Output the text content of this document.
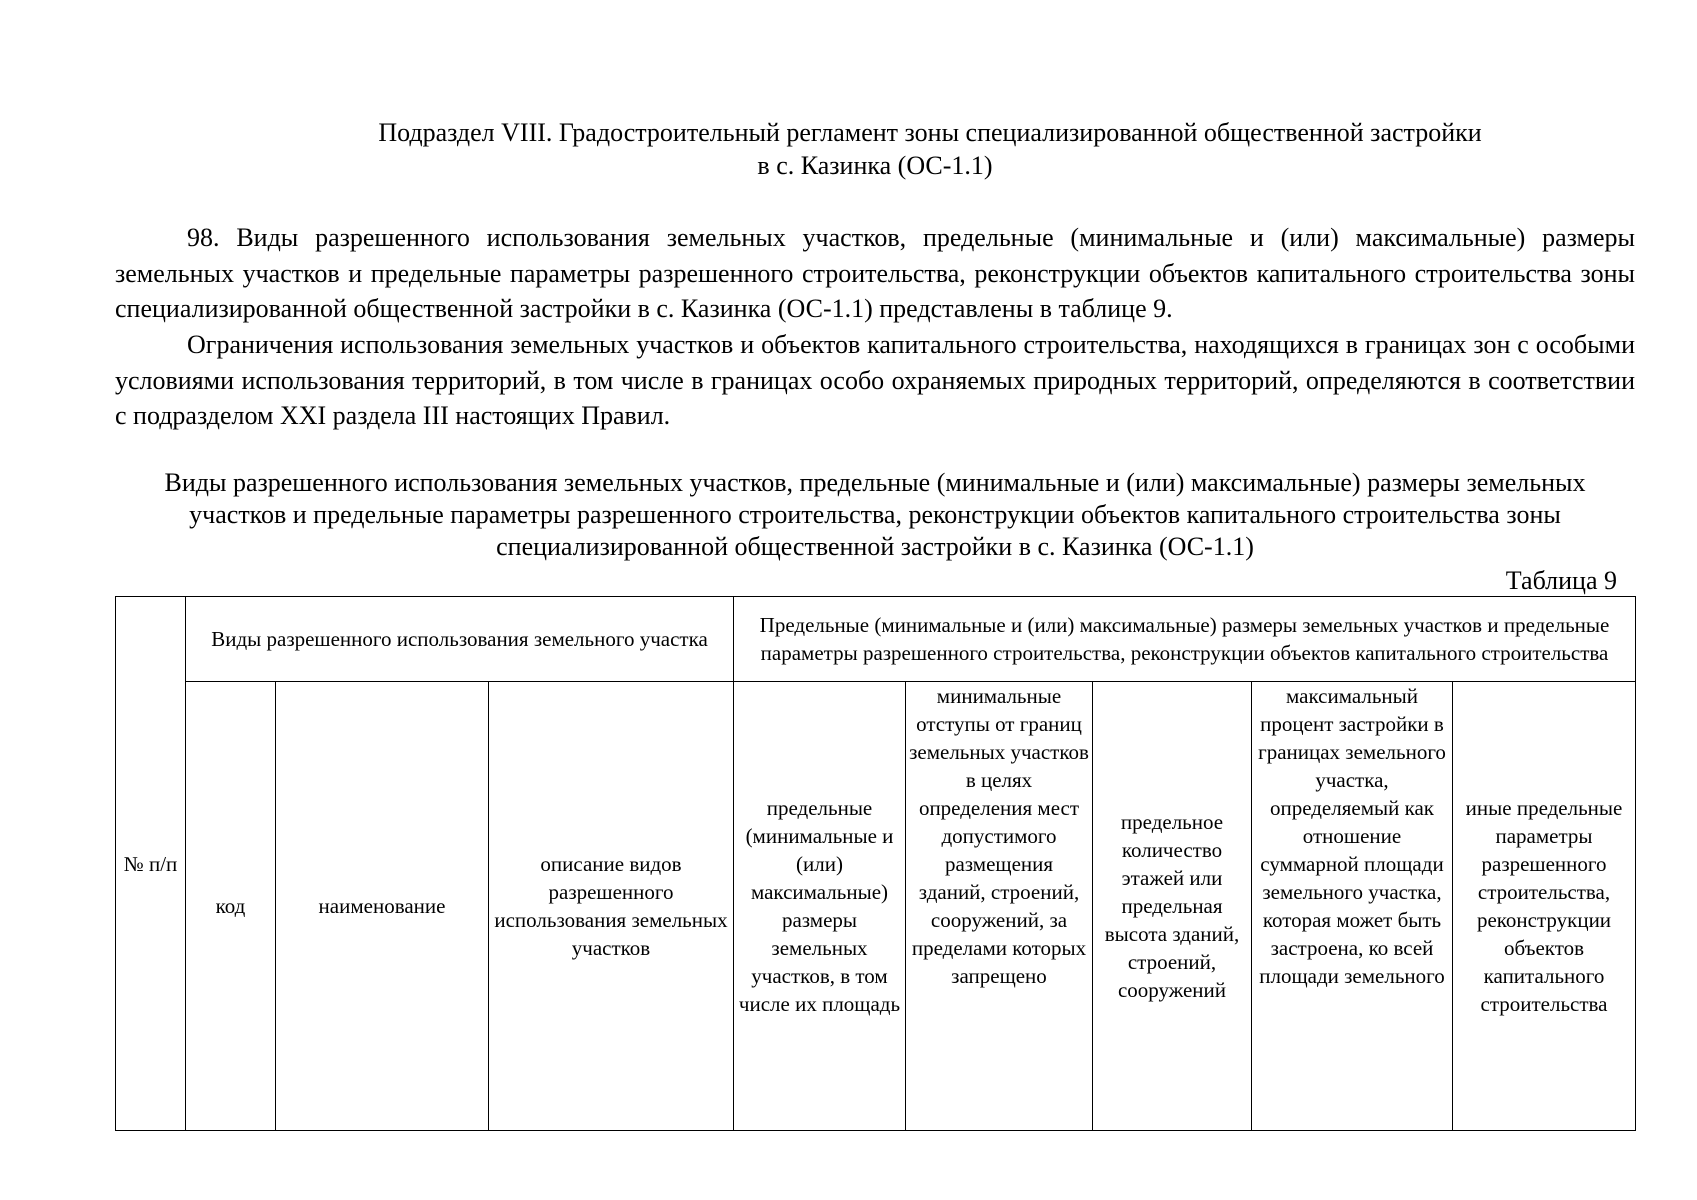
Подраздел VIII. Градостроительный регламент зоны специализированной общественной застройки
в с. Казинка (ОС-1.1)
98. Виды разрешенного использования земельных участков, предельные (минимальные и (или) максимальные) размеры земельных участков и предельные параметры разрешенного строительства, реконструкции объектов капитального строительства зоны специализированной общественной застройки в с. Казинка (ОС-1.1) представлены в таблице 9.
Ограничения использования земельных участков и объектов капитального строительства, находящихся в границах зон с особыми условиями использования территорий, в том числе в границах особо охраняемых природных территорий, определяются в соответствии с подразделом XXI раздела III настоящих Правил.
Виды разрешенного использования земельных участков, предельные (минимальные и (или) максимальные) размеры земельных участков и предельные параметры разрешенного строительства, реконструкции объектов капитального строительства зоны специализированной общественной застройки в с. Казинка (ОС-1.1)
Таблица 9
№ п/п	Виды разрешенного использования земельного участка			Предельные (минимальные и (или) максимальные) размеры земельных участков и предельные параметры разрешенного строительства, реконструкции объектов капитального строительства				
	код	наименование	описание видов разрешенного использования земельных участков	предельные (минимальные и (или) максимальные) размеры земельных участков, в том числе их площадь	минимальные отступы от границ земельных участков в целях определения мест допустимого размещения зданий, строений, сооружений, за пределами которых запрещено	предельное количество этажей или предельная высота зданий, строений, сооружений	максимальный процент застройки в границах земельного участка, определяемый как отношение суммарной площади земельного участка, которая может быть застроена, ко всей площади земельного	иные предельные параметры разрешенного строительства, реконструкции объектов капитального строительства
